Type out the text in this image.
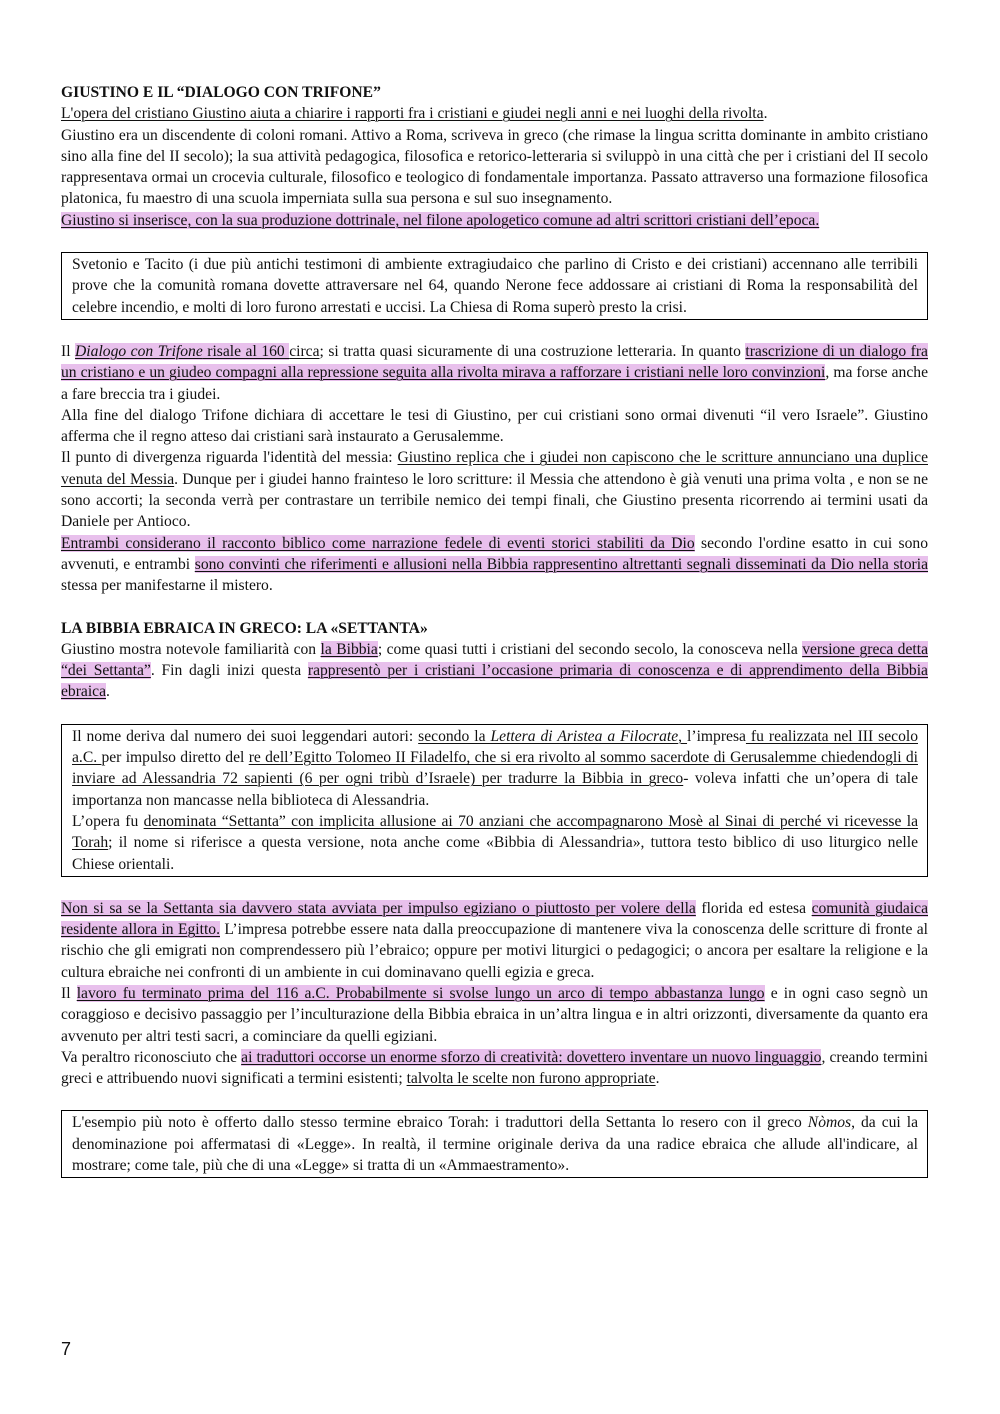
GIUSTINO E IL “DIALOGO CON TRIFONE”

L'opera del cristiano Giustino aiuta a chiarire i rapporti fra i cristiani e giudei negli anni e nei luoghi della rivolta.

Giustino era un discendente di coloni romani. Attivo a Roma, scriveva in greco (che rimase la lingua scritta dominante in ambito cristiano sino alla fine del II secolo); la sua attività pedagogica, filosofica e retorico-letteraria si sviluppò in una città che per i cristiani del II secolo rappresentava ormai un crocevia culturale, filosofico e teologico di fondamentale importanza. Passato attraverso una formazione filosofica platonica, fu maestro di una scuola imperniata sulla sua persona e sul suo insegnamento.

Giustino si inserisce, con la sua produzione dottrinale, nel filone apologetico comune ad altri scrittori cristiani dell’epoca.

Svetonio e Tacito (i due più antichi testimoni di ambiente extragiudaico che parlino di Cristo e dei cristiani) accennano alle terribili prove che la comunità romana dovette attraversare nel 64, quando Nerone fece addossare ai cristiani di Roma la responsabilità del celebre incendio, e molti di loro furono arrestati e uccisi. La Chiesa di Roma superò presto la crisi.

Il Dialogo con Trifone risale al 160 circa; si tratta quasi sicuramente di una costruzione letteraria. In quanto trascrizione di un dialogo fra un cristiano e un giudeo compagni alla repressione seguita alla rivolta mirava a rafforzare i cristiani nelle loro convinzioni, ma forse anche a fare breccia tra i giudei.

Alla fine del dialogo Trifone dichiara di accettare le tesi di Giustino, per cui cristiani sono ormai divenuti “il vero Israele”. Giustino afferma che il regno atteso dai cristiani sarà instaurato a Gerusalemme.

Il punto di divergenza riguarda l'identità del messia: Giustino replica che i giudei non capiscono che le scritture annunciano una duplice venuta del Messia. Dunque per i giudei hanno frainteso le loro scritture: il Messia che attendono è già venuti una prima volta , e non se ne sono accorti; la seconda verrà per contrastare un terribile nemico dei tempi finali, che Giustino presenta ricorrendo ai termini usati da Daniele per Antioco.

Entrambi considerano il racconto biblico come narrazione fedele di eventi storici stabiliti da Dio secondo l'ordine esatto in cui sono avvenuti, e entrambi sono convinti che riferimenti e allusioni nella Bibbia rappresentino altrettanti segnali disseminati da Dio nella storia stessa per manifestarne il mistero.

LA BIBBIA EBRAICA IN GRECO: LA «SETTANTA»

Giustino mostra notevole familiarità con la Bibbia; come quasi tutti i cristiani del secondo secolo, la conosceva nella versione greca detta “dei Settanta”. Fin dagli inizi questa rappresentò per i cristiani l’occasione primaria di conoscenza e di apprendimento della Bibbia ebraica.

Il nome deriva dal numero dei suoi leggendari autori: secondo la Lettera di Aristea a Filocrate, l’impresa fu realizzata nel III secolo a.C. per impulso diretto del re dell’Egitto Tolomeo II Filadelfo, che si era rivolto al sommo sacerdote di Gerusalemme chiedendogli di inviare ad Alessandria 72 sapienti (6 per ogni tribù d’Israele) per tradurre la Bibbia in greco- voleva infatti che un’opera di tale importanza non mancasse nella biblioteca di Alessandria.

L’opera fu denominata “Settanta” con implicita allusione ai 70 anziani che accompagnarono Mosè al Sinai di perché vi ricevesse la Torah; il nome si riferisce a questa versione, nota anche come «Bibbia di Alessandria», tuttora testo biblico di uso liturgico nelle Chiese orientali.

Non si sa se la Settanta sia davvero stata avviata per impulso egiziano o piuttosto per volere della florida ed estesa comunità giudaica residente allora in Egitto. L’impresa potrebbe essere nata dalla preoccupazione di mantenere viva la conoscenza delle scritture di fronte al rischio che gli emigrati non comprendessero più l’ebraico; oppure per motivi liturgici o pedagogici; o ancora per esaltare la religione e la cultura ebraiche nei confronti di un ambiente in cui dominavano quelli egizia e greca.

Il lavoro fu terminato prima del 116 a.C. Probabilmente si svolse lungo un arco di tempo abbastanza lungo e in ogni caso segnò un coraggioso e decisivo passaggio per l’inculturazione della Bibbia ebraica in un’altra lingua e in altri orizzonti, diversamente da quanto era avvenuto per altri testi sacri, a cominciare da quelli egiziani.

Va peraltro riconosciuto che ai traduttori occorse un enorme sforzo di creatività: dovettero inventare un nuovo linguaggio, creando termini greci e attribuendo nuovi significati a termini esistenti; talvolta le scelte non furono appropriate.

L'esempio più noto è offerto dallo stesso termine ebraico Torah: i traduttori della Settanta lo resero con il greco Nòmos, da cui la denominazione poi affermatasi di «Legge». In realtà, il termine originale deriva da una radice ebraica che allude all'indicare, al mostrare; come tale, più che di una «Legge» si tratta di un «Ammaestramento».

7
